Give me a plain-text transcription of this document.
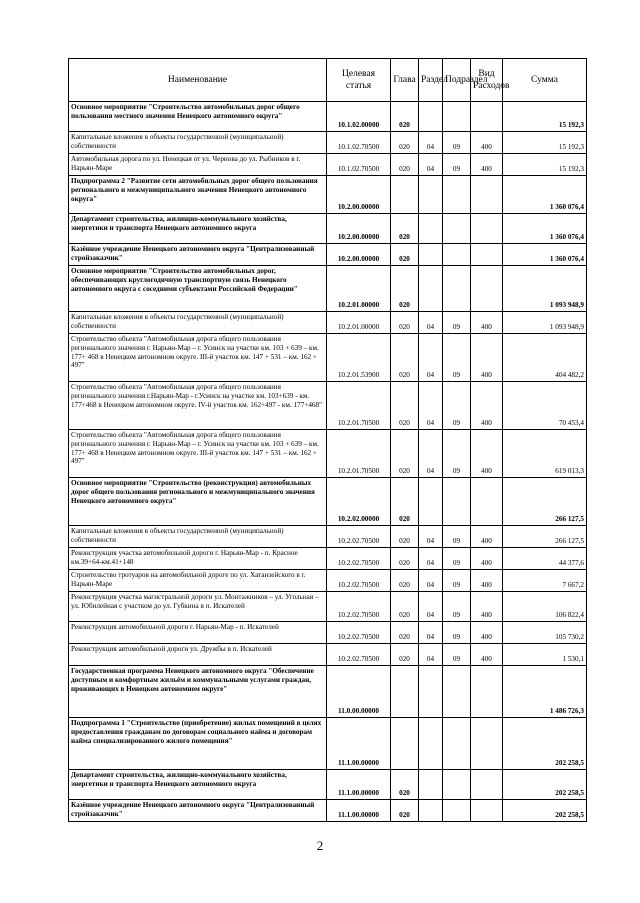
Наименование	Целевая статья	Глава	Раздел	Подраздел	Вид Расходов	Сумма
Основное мероприятие "Строительство автомобильных дорог общего пользования местного значения Ненецкого автономного округа"	10.1.02.00000	020				15 192,3
Капитальные вложения в объекты государственной (муниципальной) собственности	10.1.02.70500	020	04	09	400	15 192,3
Автомобильная дорога по ул. Ненецкая от ул. Чернова до ул. Рыбников в г. Нарьян-Маре	10.1.02.70500	020	04	09	400	15 192,3
Подпрограмма 2 "Развитие сети автомобильных дорог общего пользования регионального и межмуниципального значения Ненецкого автономного округа"	10.2.00.00000					1 360 076,4
Департамент строительства, жилищно-коммунального хозяйства, энергетики и транспорта Ненецкого автономного округа	10.2.00.00000	020				1 360 076,4
Казённое учреждение Ненецкого автономного округа "Централизованный стройзаказчик"	10.2.00.00000	020				1 360 076,4
Основное мероприятие "Строительство автомобильных дорог, обеспечивающих круглогодичную транспортную связь Ненецкого автономного округа с соседними субъектами Российской Федерации"	10.2.01.00000	020				1 093 948,9
Капитальные вложения в объекты государственной (муниципальной) собственности	10.2.01.00000	020	04	09	400	1 093 948,9
Строительство объекта "Автомобильная дорога общего пользования регионального значения г. Нарьян-Мар – г. Усинск на участке км. 103 + 639 – км. 177+ 468 в Ненецком автономном округе. III-й участок км. 147 + 531 – км. 162 + 497"	10.2.01.53900	020	04	09	400	404 482,2
Строительство объекта "Автомобильная дорога общего пользования регионального значения г.Нарьян-Мар - г.Усинск на участке км. 103+639 - км. 177+468 в Ненецком автономном округе. IV-й участок км. 162+497 - км. 177+468"	10.2.01.70500	020	04	09	400	70 453,4
Строительство объекта "Автомобильная дорога общего пользования регионального значения г. Нарьян-Мар – г. Усинск на участке км. 103 + 639 – км. 177+ 468 в Ненецком автономном округе. III-й участок км. 147 + 531 – км. 162 + 497"	10.2.01.70500	020	04	09	400	619 013,3
Основное мероприятие "Строительство (реконструкция) автомобильных дорог общего пользования регионального и межмуниципального значения Ненецкого автономного округа"	10.2.02.00000	020				266 127,5
Капитальные вложения в объекты государственной (муниципальной) собственности	10.2.02.70500	020	04	09	400	266 127,5
Реконструкция участка автомобильной дороги г. Нарьян-Мар - п. Красное км.39+64-км.41+148	10.2.02.70500	020	04	09	400	44 377,6
Строительство тротуаров на автомобильной дороге по ул. Хатанзейского в г. Нарьян-Маре	10.2.02.70500	020	04	09	400	7 667,2
Реконструкция участка магистральной дороги ул. Монтажников – ул. Угольная – ул. Юбилейная с участком до ул. Губкина в п. Искателей	10.2.02.70500	020	04	09	400	106 822,4
Реконструкция автомобильной дороги г. Нарьян-Мар - п. Искателей	10.2.02.70500	020	04	09	400	105 730,2
Реконструкция автомобильной дороги ул. Дружбы в п. Искателей	10.2.02.70500	020	04	09	400	1 530,1
Государственная программа Ненецкого автономного округа "Обеспечение доступным и комфортным жильём и коммунальными услугами граждан, проживающих в Ненецком автономном округе"	11.0.00.00000					1 486 726,3
Подпрограмма 1 "Строительство (приобретение) жилых помещений в целях предоставления гражданам по договорам социального найма и договорам найма специализированного жилого помещения"	11.1.00.00000					202 258,5
Департамент строительства, жилищно-коммунального хозяйства, энергетики и транспорта Ненецкого автономного округа	11.1.00.00000	020				202 258,5
Казённое учреждение Ненецкого автономного округа "Централизованный стройзаказчик"	11.1.00.00000	020				202 258,5
2
